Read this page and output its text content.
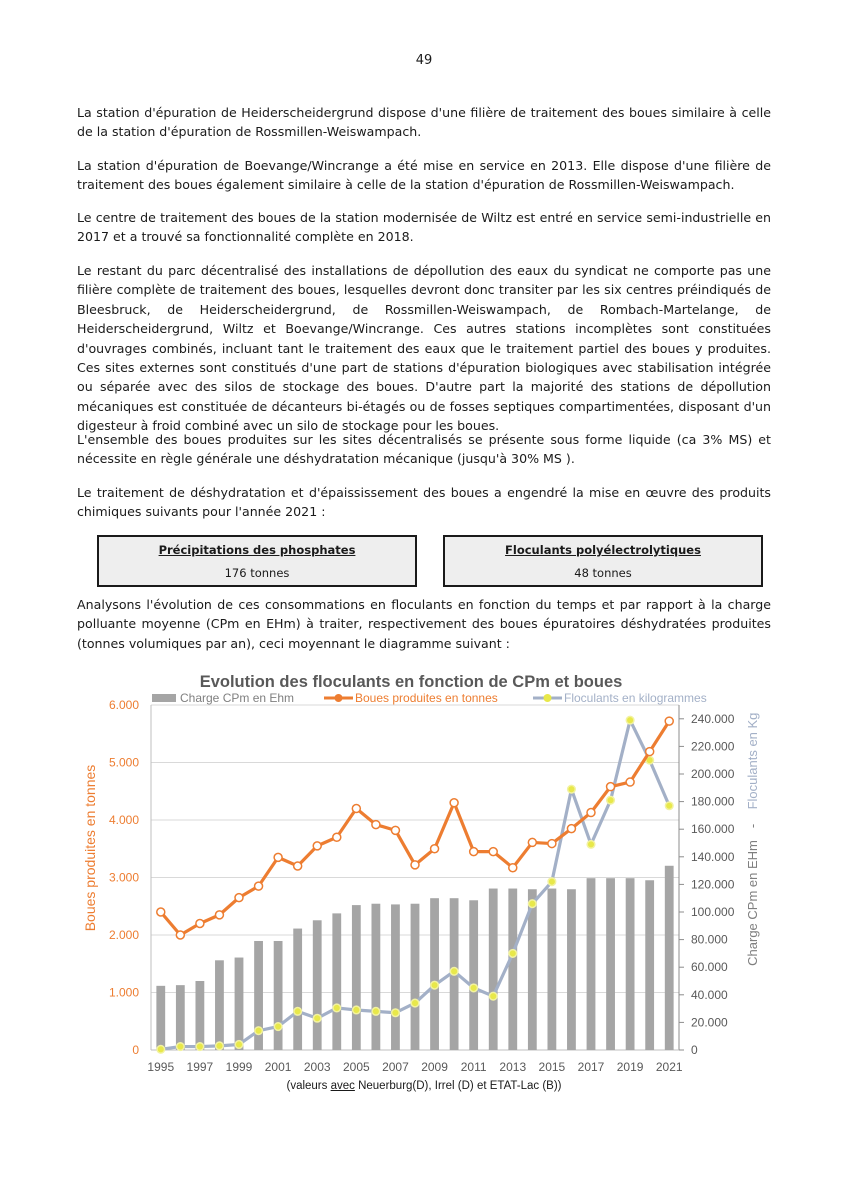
49

La station d'épuration de Heiderscheidergrund dispose d'une filière de traitement des boues similaire à celle de la station d'épuration de Rossmillen-Weiswampach.

La station d'épuration de Boevange/Wincrange a été mise en service en 2013. Elle dispose d'une filière de traitement des boues également similaire à celle de la station d'épuration de Rossmillen-Weiswampach.

Le centre de traitement des boues de la station modernisée de Wiltz est entré en service semi-industrielle en 2017 et a trouvé sa fonctionnalité complète en 2018.

Le restant du parc décentralisé des installations de dépollution des eaux du syndicat ne comporte pas une filière complète de traitement des boues, lesquelles devront donc transiter par les six centres préindiqués de Bleesbruck, de Heiderscheidergrund, de Rossmillen-Weiswampach, de Rombach-Martelange, de Heiderscheidergrund, Wiltz et Boevange/Wincrange. Ces autres stations incomplètes sont constituées d'ouvrages combinés, incluant tant le traitement des eaux que le traitement partiel des boues y produites. Ces sites externes sont constitués d'une part de stations d'épuration biologiques avec stabilisation intégrée ou séparée avec des silos de stockage des boues. D'autre part la majorité des stations de dépollution mécaniques est constituée de décanteurs bi-étagés ou de fosses septiques compartimentées, disposant d'un digesteur à froid combiné avec un silo de stockage pour les boues.

L'ensemble des boues produites sur les sites décentralisés se présente sous forme liquide (ca 3% MS) et nécessite en règle générale une déshydratation mécanique (jusqu'à 30% MS ).

Le traitement de déshydratation et d'épaississement des boues a engendré la mise en œuvre des produits chimiques suivants pour l'année 2021 :

Précipitations des phosphates
176 tonnes
Floculants polyélectrolytiques
48 tonnes

Analysons l'évolution de ces consommations en floculants en fonction du temps et par rapport à la charge polluante moyenne (CPm en EHm) à traiter, respectivement des boues épuratoires déshydratées produites (tonnes volumiques par an), ceci moyennant le diagramme suivant :

0
1.000
2.000
3.000
4.000
5.000
6.000
0
20.000
40.000
60.000
80.000
100.000
120.000
140.000
160.000
180.000
200.000
220.000
240.000
1995 1997 1999 2001 2003 2005 2007 2009 2011 2013 2015 2017 2019 2021
Evolution des floculants en fonction de CPm et boues
Charge CPm en Ehm	Boues produites en tonnes	Floculants en kilogrammes
Boues produites en tonnes
Floculants en Kg
-
Charge CPm en EHm
(valeurs avec Neuerburg(D), Irrel (D) et ETAT-Lac (B))
